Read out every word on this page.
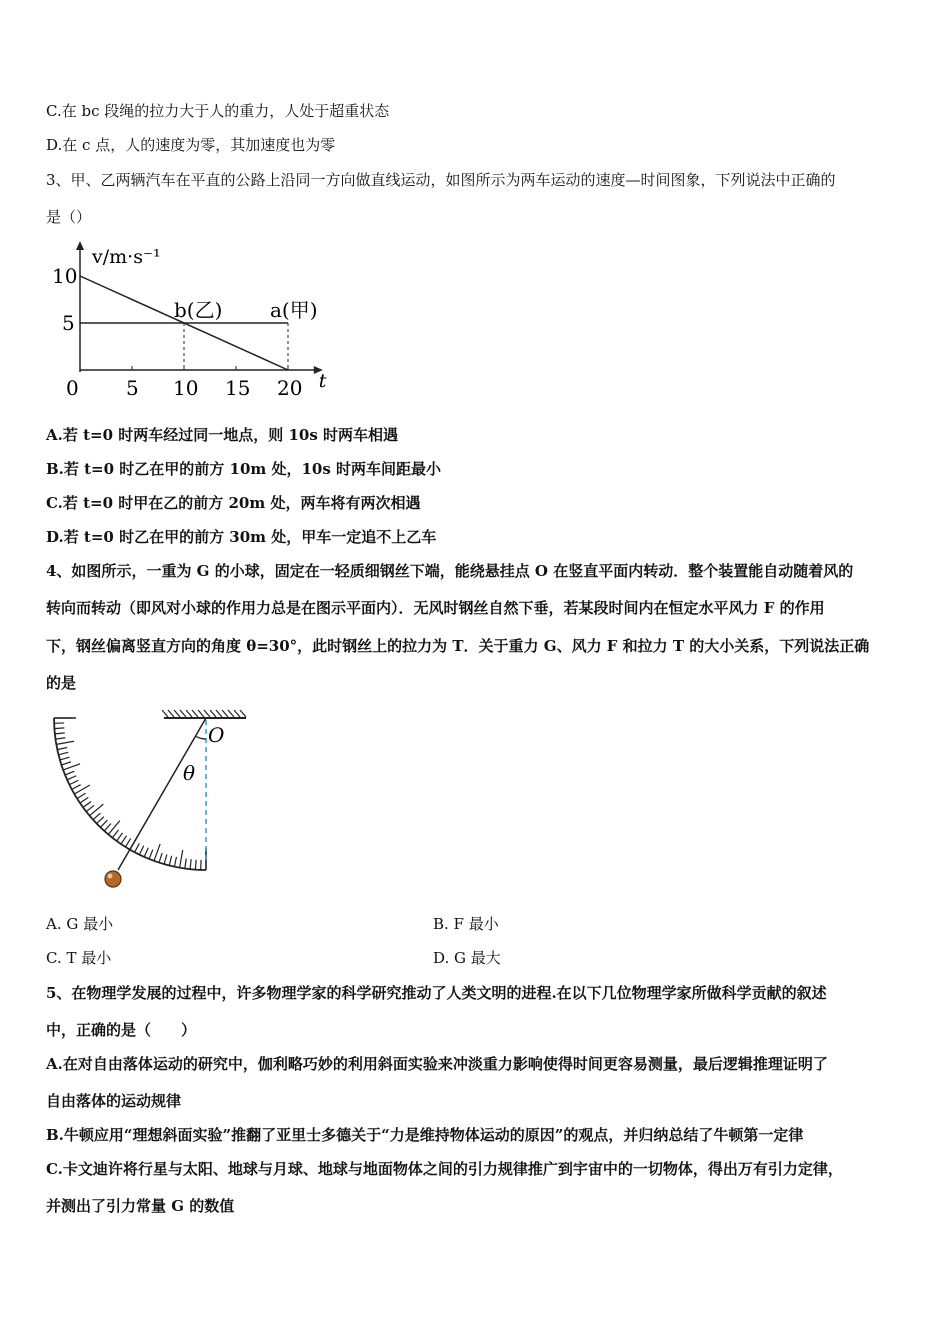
C.在 bc 段绳的拉力大于人的重力，人处于超重状态
D.在 c 点，人的速度为零，其加速度也为零
3、甲、乙两辆汽车在平直的公路上沿同一方向做直线运动，如图所示为两车运动的速度—时间图象，下列说法中正确的
是（）
v/m·s⁻¹
t
0 5 10 15 20
5
10
b(乙) a(甲)
A.若 t=0 时两车经过同一地点，则 10s 时两车相遇
B.若 t=0 时乙在甲的前方 10m 处，10s 时两车间距最小
C.若 t=0 时甲在乙的前方 20m 处，两车将有两次相遇
D.若 t=0 时乙在甲的前方 30m 处，甲车一定追不上乙车
4、如图所示，一重为 G 的小球，固定在一轻质细钢丝下端，能绕悬挂点 O 在竖直平面内转动．整个装置能自动随着风的
转向而转动（即风对小球的作用力总是在图示平面内）．无风时钢丝自然下垂，若某段时间内在恒定水平风力 F 的作用
下，钢丝偏离竖直方向的角度 θ=30°，此时钢丝上的拉力为 T．关于重力 G、风力 F 和拉力 T 的大小关系，下列说法正确
的是
O
θ
A. G 最小	B. F 最小
C. T 最小	D. G 最大
5、在物理学发展的过程中，许多物理学家的科学研究推动了人类文明的进程.在以下几位物理学家所做科学贡献的叙述
中，正确的是（　　）
A.在对自由落体运动的研究中，伽利略巧妙的利用斜面实验来冲淡重力影响使得时间更容易测量，最后逻辑推理证明了
自由落体的运动规律
B.牛顿应用“理想斜面实验”推翻了亚里士多德关于“力是维持物体运动的原因”的观点，并归纳总结了牛顿第一定律
C.卡文迪许将行星与太阳、地球与月球、地球与地面物体之间的引力规律推广到宇宙中的一切物体，得出万有引力定律，
并测出了引力常量 G 的数值
